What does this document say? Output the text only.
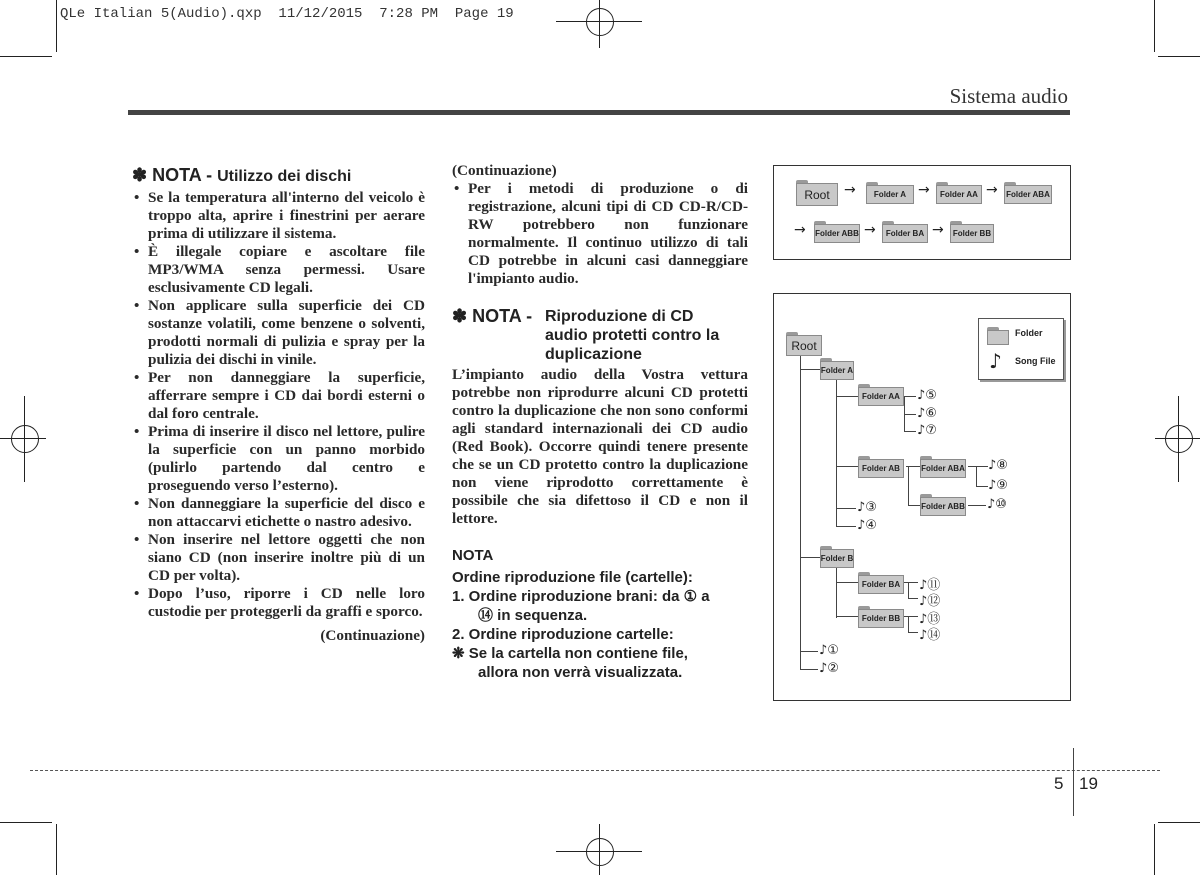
QLe Italian 5(Audio).qxp  11/12/2015  7:28 PM  Page 19
Sistema audio
✽ NOTA - Utilizzo dei dischi
• Se la temperatura all'interno del veicolo è troppo alta, aprire i finestrini per aerare prima di utilizzare il sistema.
• È illegale copiare e ascoltare file MP3/WMA senza permessi. Usare esclusivamente CD legali.
• Non applicare sulla superficie dei CD sostanze volatili, come benzene o solventi, prodotti normali di pulizia e spray per la pulizia dei dischi in vinile.
• Per non danneggiare la superficie, afferrare sempre i CD dai bordi esterni o dal foro centrale.
• Prima di inserire il disco nel lettore, pulire la superficie con un panno morbido (pulirlo partendo dal centro e proseguendo verso l’esterno).
• Non danneggiare la superficie del disco e non attaccarvi etichette o nastro adesivo.
• Non inserire nel lettore oggetti che non siano CD (non inserire inoltre più di un CD per volta).
• Dopo l’uso, riporre i CD nelle loro custodie per proteggerli da graffi e sporco.
(Continuazione)
(Continuazione)
• Per i metodi di produzione o di registrazione, alcuni tipi di CD CD-R/CD-RW potrebbero non funzionare normalmente. Il continuo utilizzo di tali CD potrebbe in alcuni casi danneggiare l'impianto audio.
✽ NOTA - Riproduzione di CD
audio protetti contro la
duplicazione
L’impianto audio della Vostra vettura potrebbe non riprodurre alcuni CD protetti contro la duplicazione che non sono conformi agli standard internazionali dei CD audio (Red Book). Occorre quindi tenere presente che se un CD protetto contro la duplicazione non viene riprodotto correttamente è possibile che sia difettoso il CD e non il lettore.
NOTA
Ordine riproduzione file (cartelle):
1. Ordine riproduzione brani: da ① a
⑭ in sequenza.
2. Ordine riproduzione cartelle:
❋ Se la cartella non contiene file,
allora non verrà visualizzata.
Root	→	Folder A →	Folder AA → Folder ABA
→ Folder ABB →	Folder BA →	Folder BB
Folder
♪ Song File
Root
Folder A
Folder AA
Folder AB	Folder ABA
Folder ABB
Folder B
Folder BA
Folder BB
♪⑤
♪⑥
♪⑦
♪⑧
♪⑨
♪⑩
♪③
♪④
♪⑪
♪⑫
♪⑬
♪⑭
♪①
♪②
5 19
